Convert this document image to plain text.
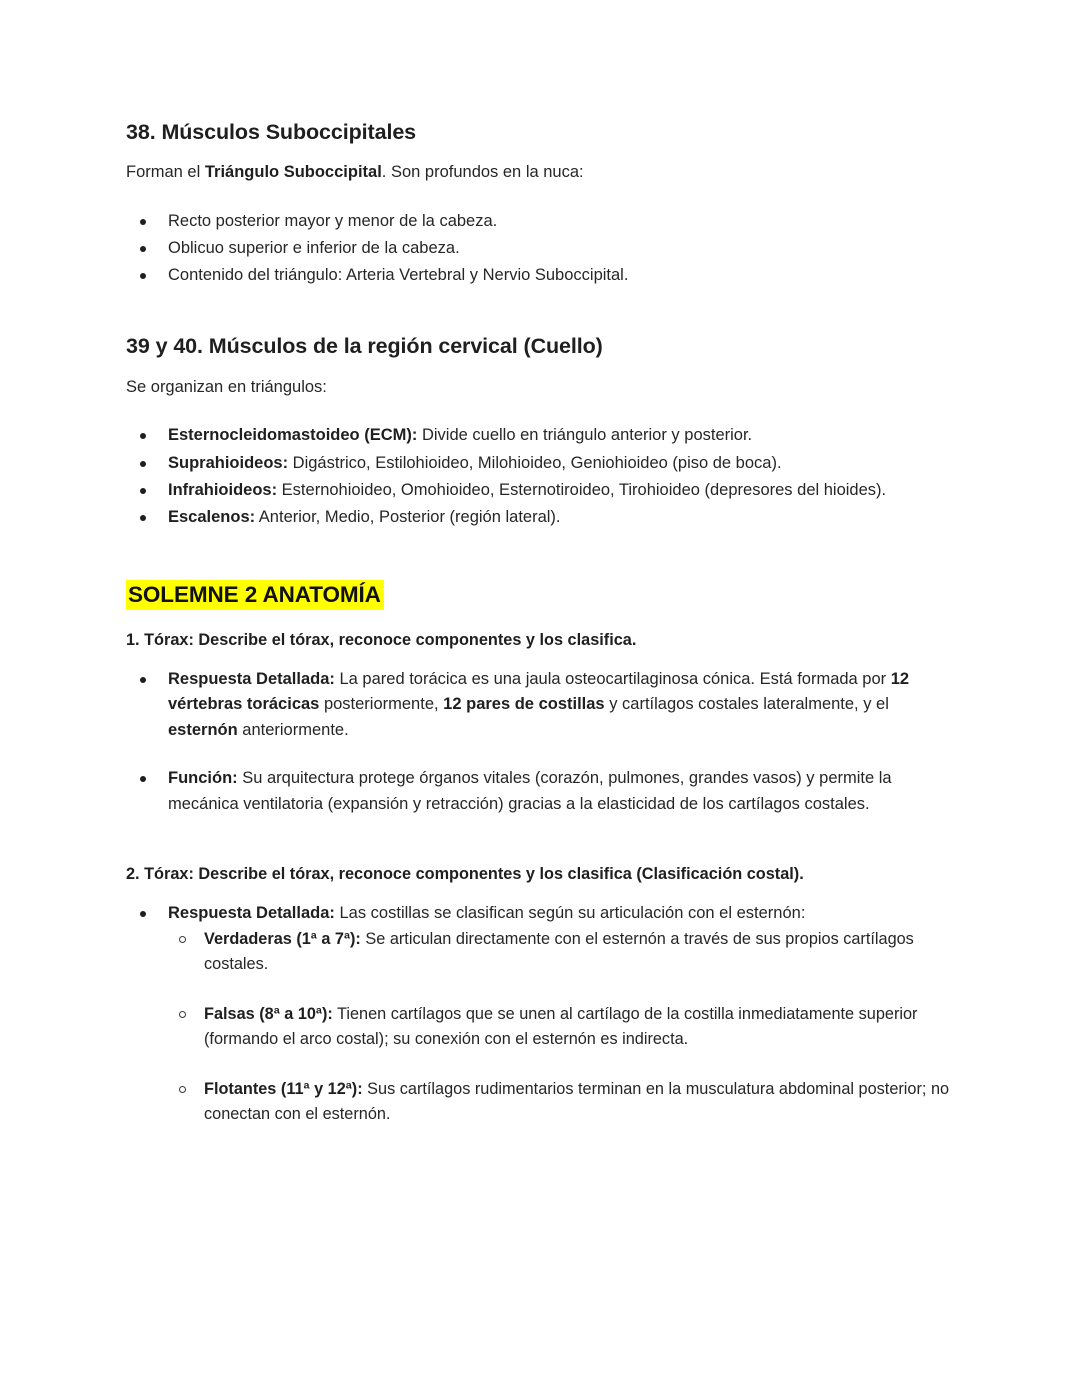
38. Músculos Suboccipitales

Forman el Triángulo Suboccipital. Son profundos en la nuca:

Recto posterior mayor y menor de la cabeza.
Oblicuo superior e inferior de la cabeza.
Contenido del triángulo: Arteria Vertebral y Nervio Suboccipital.
39 y 40. Músculos de la región cervical (Cuello)

Se organizan en triángulos:

Esternocleidomastoideo (ECM): Divide cuello en triángulo anterior y posterior.
Suprahioideos: Digástrico, Estilohioideo, Milohioideo, Geniohioideo (piso de boca).
Infrahioideos: Esternohioideo, Omohioideo, Esternotiroideo, Tirohioideo (depresores del hioides).
Escalenos: Anterior, Medio, Posterior (región lateral).
SOLEMNE 2 ANATOMÍA

1. Tórax: Describe el tórax, reconoce componentes y los clasifica.

Respuesta Detallada: La pared torácica es una jaula osteocartilaginosa cónica. Está formada por 12 vértebras torácicas posteriormente, 12 pares de costillas y cartílagos costales lateralmente, y el esternón anteriormente.
Función: Su arquitectura protege órganos vitales (corazón, pulmones, grandes vasos) y permite la mecánica ventilatoria (expansión y retracción) gracias a la elasticidad de los cartílagos costales.

2. Tórax: Describe el tórax, reconoce componentes y los clasifica (Clasificación costal).

Respuesta Detallada: Las costillas se clasifican según su articulación con el esternón:
Verdaderas (1ª a 7ª): Se articulan directamente con el esternón a través de sus propios cartílagos costales.
Falsas (8ª a 10ª): Tienen cartílagos que se unen al cartílago de la costilla inmediatamente superior (formando el arco costal); su conexión con el esternón es indirecta.
Flotantes (11ª y 12ª): Sus cartílagos rudimentarios terminan en la musculatura abdominal posterior; no conectan con el esternón.
